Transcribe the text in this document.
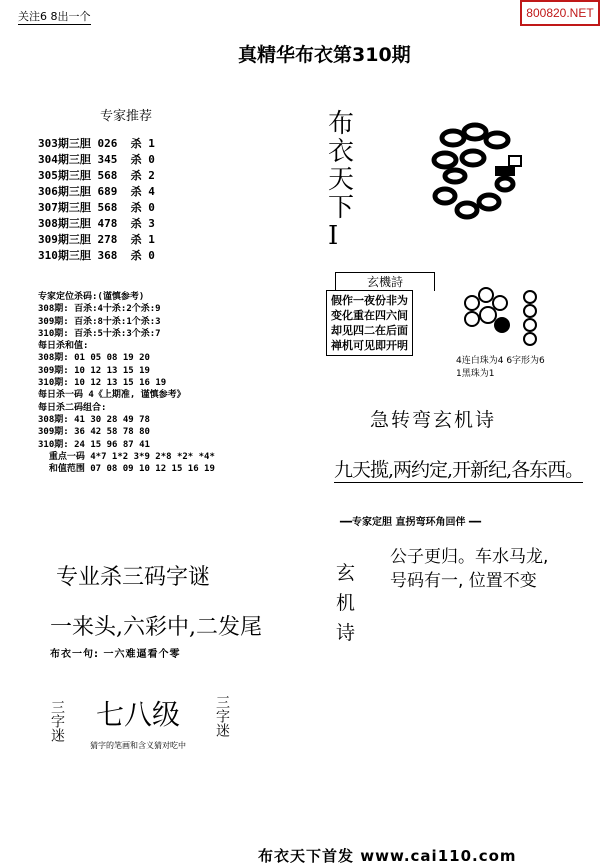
关注6 8出一个	800820.NET
真精华布衣第310期
专家推荐
303期三胆 026  杀 1
304期三胆 345  杀 0
305期三胆 568  杀 2
306期三胆 689  杀 4
307期三胆 568  杀 0
308期三胆 478  杀 3
309期三胆 278  杀 1
310期三胆 368  杀 0
专家定位杀码:(谨慎参考)
308期: 百杀:4十杀:2个杀:9
309期: 百杀:8十杀:1个杀:3
310期: 百杀:5十杀:3个杀:7
每日杀和值:
308期: 01 05 08 19 20
309期: 10 12 13 15 19
310期: 10 12 13 15 16 19
每日杀一码 4《上期准, 谨慎参考》
每日杀二码组合:
308期: 41 30 28 49 78
309期: 36 42 58 78 80
310期: 24 15 96 87 41
重点一码 4*7 1*2 3*9 2*8 *2* *4*
和值范围 07 08 09 10 12 15 16 19
专业杀三码字谜
一来头,六彩中,二发尾
布衣一句: 一六难逼看个零
三字迷 七八级
猜字的笔画和含义猜对吃中
三字迷
布衣天下I
玄機詩
假作一夜份非为
变化重在四六间
却见四二在后面
禅机可见即开明
4连白珠为4 6字形为6
1黑珠为1
急转弯玄机诗
九天揽,两约定,开新纪,各东西。
━━专家定胆 直拐弯环角回伴 ━━
玄机诗
公子更归。车水马龙,
号码有一, 位置不变
布衣天下首发 www.cai110.com
